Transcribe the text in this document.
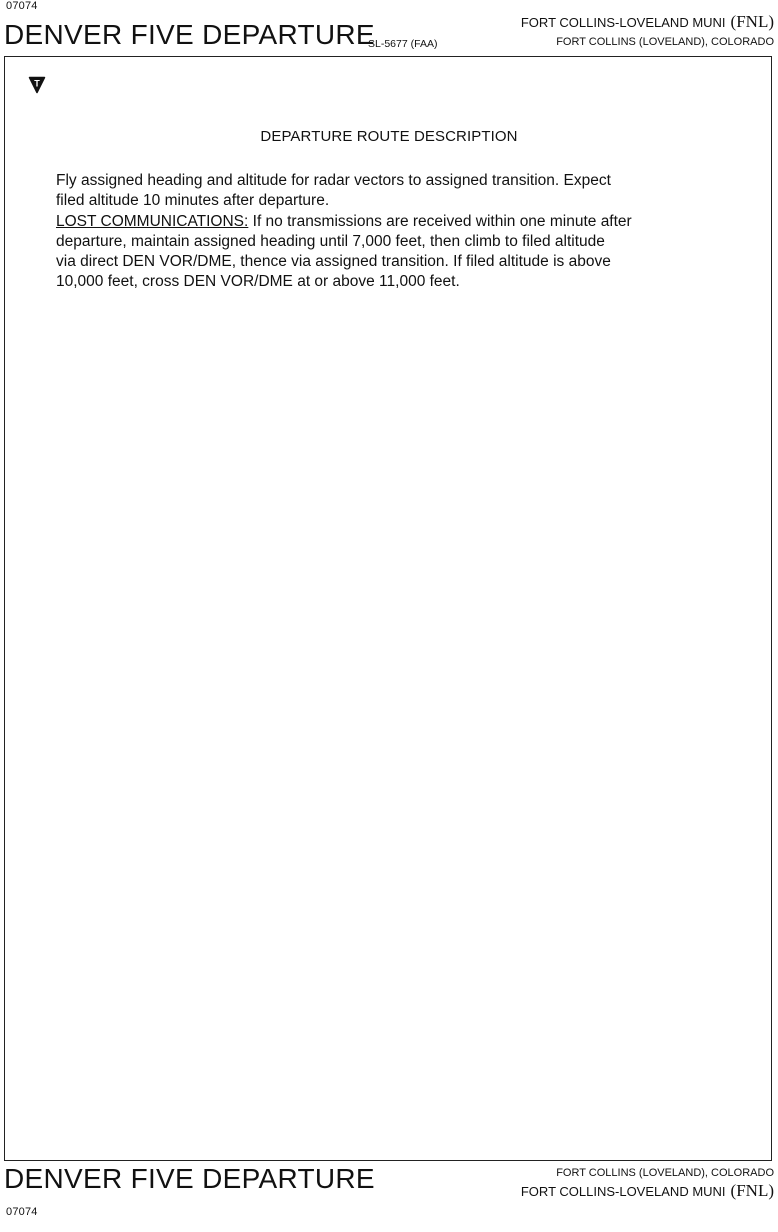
07074
DENVER FIVE DEPARTURE
SL-5677 (FAA)
FORT COLLINS-LOVELAND MUNI (FNL)
FORT COLLINS (LOVELAND), COLORADO
T
DEPARTURE ROUTE DESCRIPTION
Fly assigned heading and altitude for radar vectors to assigned transition. Expect
filed altitude 10 minutes after departure.
LOST COMMUNICATIONS: If no transmissions are received within one minute after
departure, maintain assigned heading until 7,000 feet, then climb to filed altitude
via direct DEN VOR/DME, thence via assigned transition. If filed altitude is above
10,000 feet, cross DEN VOR/DME at or above 11,000 feet.
DENVER FIVE DEPARTURE	FORT COLLINS (LOVELAND), COLORADO
FORT COLLINS-LOVELAND MUNI (FNL)
07074
